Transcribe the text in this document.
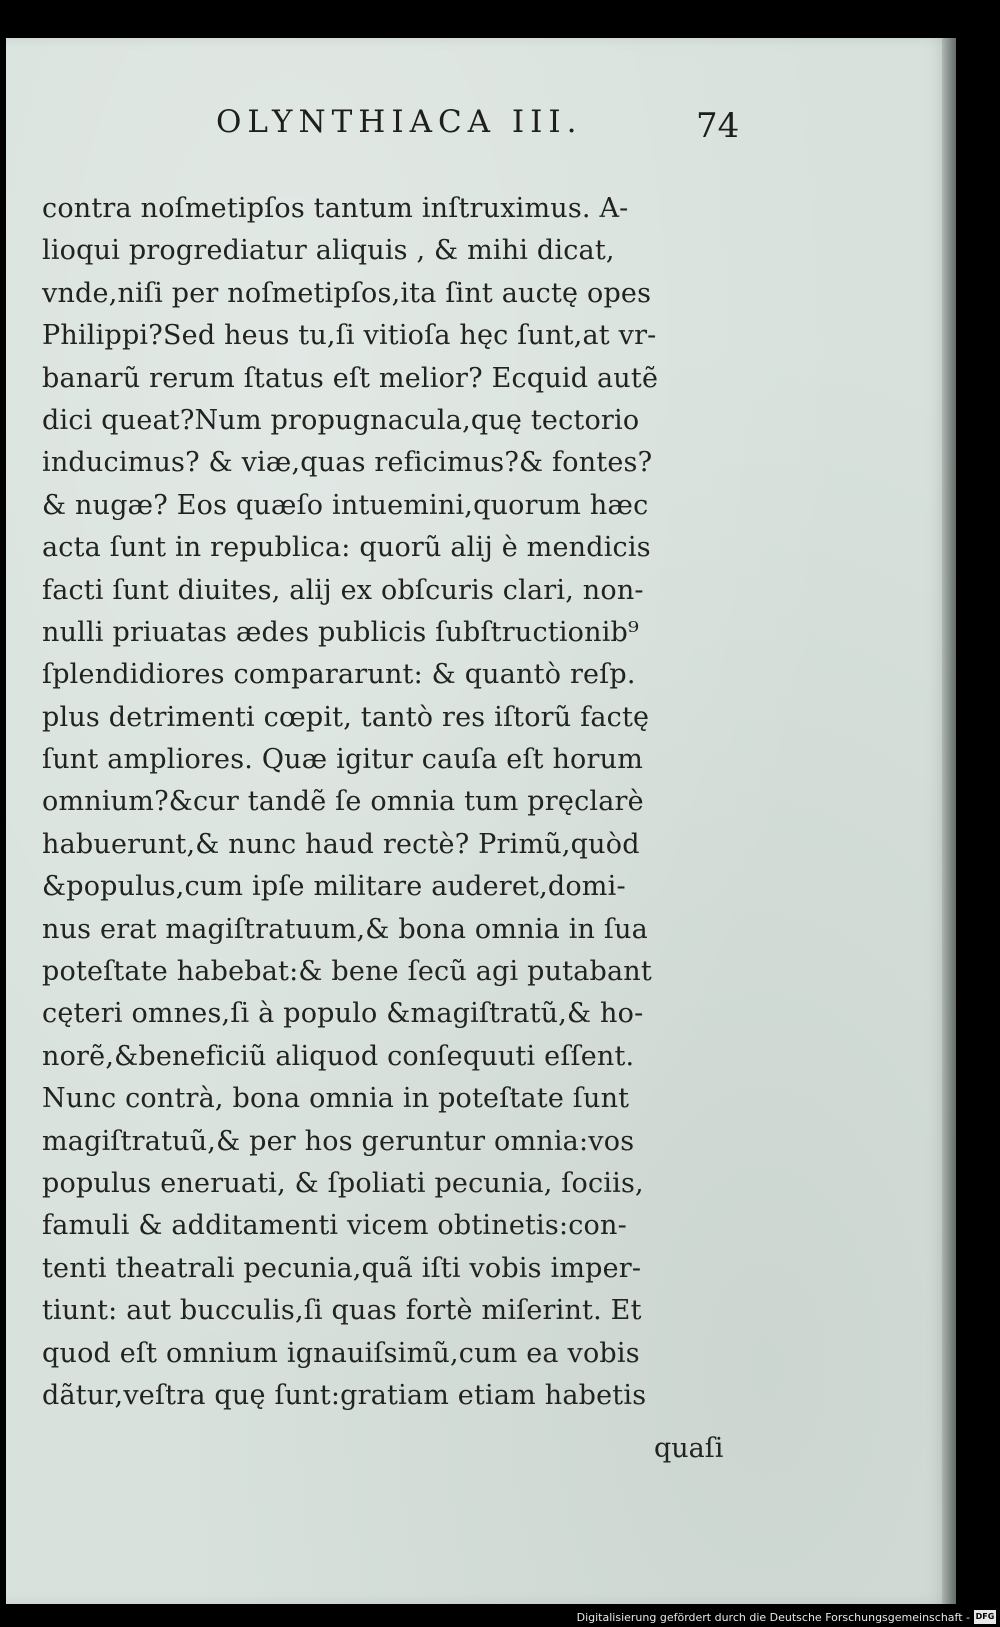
OLYNTHIACA III.	74
contra noſmetipſos tantum inſtruximus. A-
lioqui progrediatur aliquis , & mihi dicat,
vnde,niſi per noſmetipſos,ita ſint auctę opes
Philippi?Sed heus tu,ſi vitioſa hęc ſunt,at vr-
banarũ rerum ſtatus eſt melior? Ecquid autẽ
dici queat?Num propugnacula,quę tectorio
inducimus? & viæ,quas reficimus?& fontes?
& nugæ? Eos quæſo intuemini,quorum hæc
acta ſunt in republica: quorũ alij è mendicis
facti ſunt diuites, alij ex obſcuris clari, non-
nulli priuatas ædes publicis ſubſtructionib⁹
ſplendidiores compararunt: & quantò reſp.
plus detrimenti cœpit, tantò res iſtorũ factę
ſunt ampliores. Quæ igitur cauſa eſt horum
omnium?&cur tandẽ ſe omnia tum pręclarè
habuerunt,& nunc haud rectè? Primũ,quòd
&populus,cum ipſe militare auderet,domi-
nus erat magiſtratuum,& bona omnia in ſua
poteſtate habebat:& bene ſecũ agi putabant
cęteri omnes,ſi à populo &magiſtratũ,& ho-
norẽ,&beneficiũ aliquod conſequuti eſſent.
Nunc contrà, bona omnia in poteſtate ſunt
magiſtratuũ,& per hos geruntur omnia:vos
populus eneruati, & ſpoliati pecunia, ſociis,
famuli & additamenti vicem obtinetis:con-
tenti theatrali pecunia,quã iſti vobis imper-
tiunt: aut bucculis,ſi quas fortè miſerint. Et
quod eſt omnium ignauiſsimũ,cum ea vobis
dãtur,veſtra quę ſunt:gratiam etiam habetis
quaſi
Digitalisierung gefördert durch die Deutsche Forschungsgemeinschaft - DFG
